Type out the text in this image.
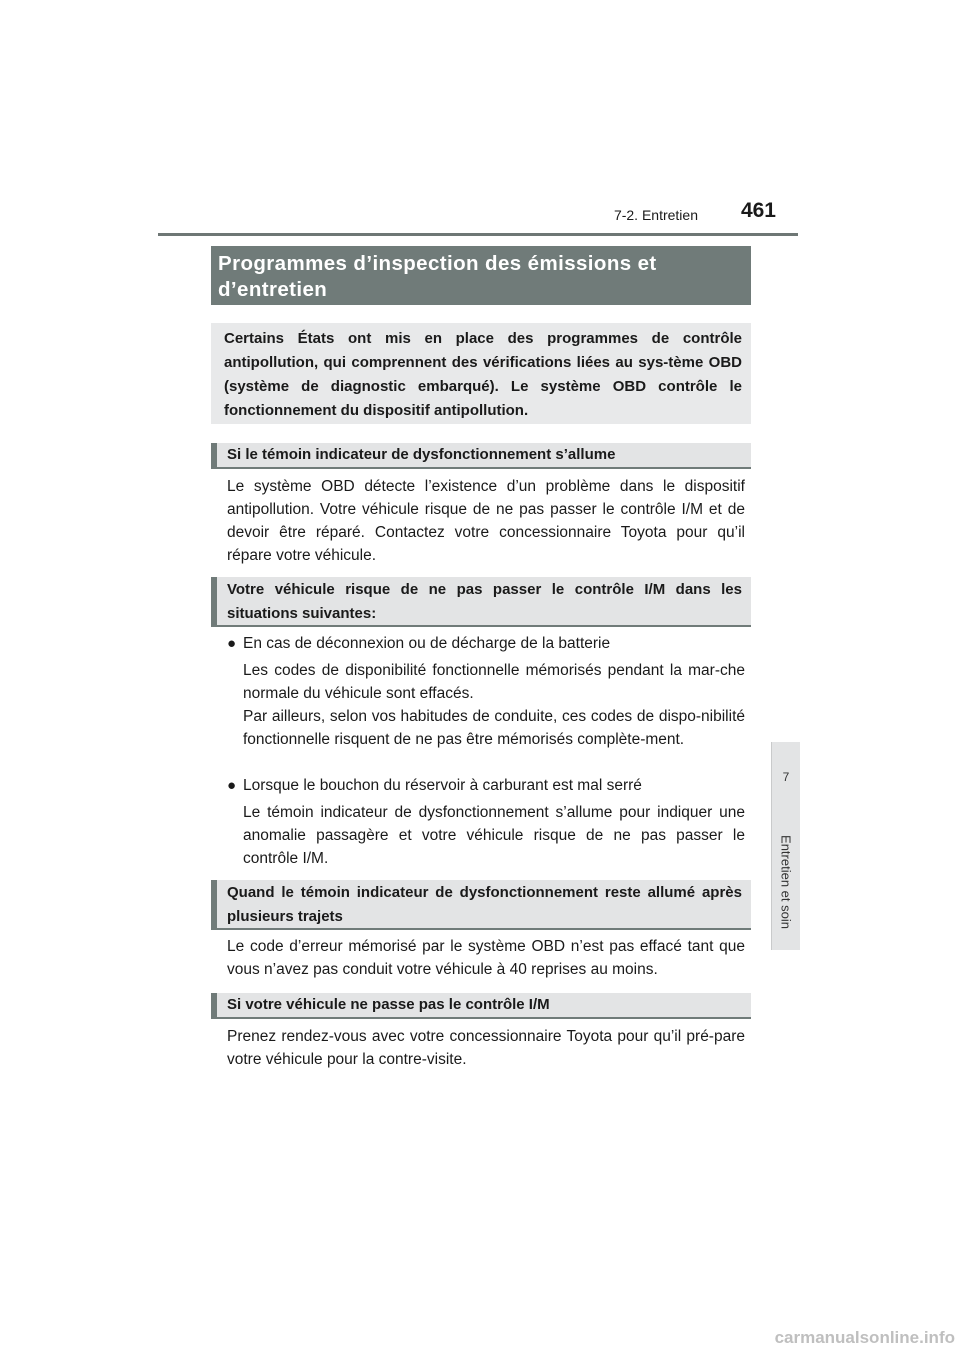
7-2. Entretien	461
7
Entretien et soin
Programmes d’inspection des émissions et d’entretien
Certains États ont mis en place des programmes de contrôle antipollution, qui comprennent des vérifications liées au sys-tème OBD (système de diagnostic embarqué). Le système OBD contrôle le fonctionnement du dispositif antipollution.
Si le témoin indicateur de dysfonctionnement s’allume
Le système OBD détecte l’existence d’un problème dans le dispositif antipollution. Votre véhicule risque de ne pas passer le contrôle I/M et de devoir être réparé. Contactez votre concessionnaire Toyota pour qu’il répare votre véhicule.
Votre véhicule risque de ne pas passer le contrôle I/M dans les situations suivantes:
● En cas de déconnexion ou de décharge de la batterie
Les codes de disponibilité fonctionnelle mémorisés pendant la mar-che normale du véhicule sont effacés.
Par ailleurs, selon vos habitudes de conduite, ces codes de dispo-nibilité fonctionnelle risquent de ne pas être mémorisés complète-ment.
● Lorsque le bouchon du réservoir à carburant est mal serré
Le témoin indicateur de dysfonctionnement s’allume pour indiquer une anomalie passagère et votre véhicule risque de ne pas passer le contrôle I/M.
Quand le témoin indicateur de dysfonctionnement reste allumé après plusieurs trajets
Le code d’erreur mémorisé par le système OBD n’est pas effacé tant que vous n’avez pas conduit votre véhicule à 40 reprises au moins.
Si votre véhicule ne passe pas le contrôle I/M
Prenez rendez-vous avec votre concessionnaire Toyota pour qu’il pré-pare votre véhicule pour la contre-visite.
carmanualsonline.info
